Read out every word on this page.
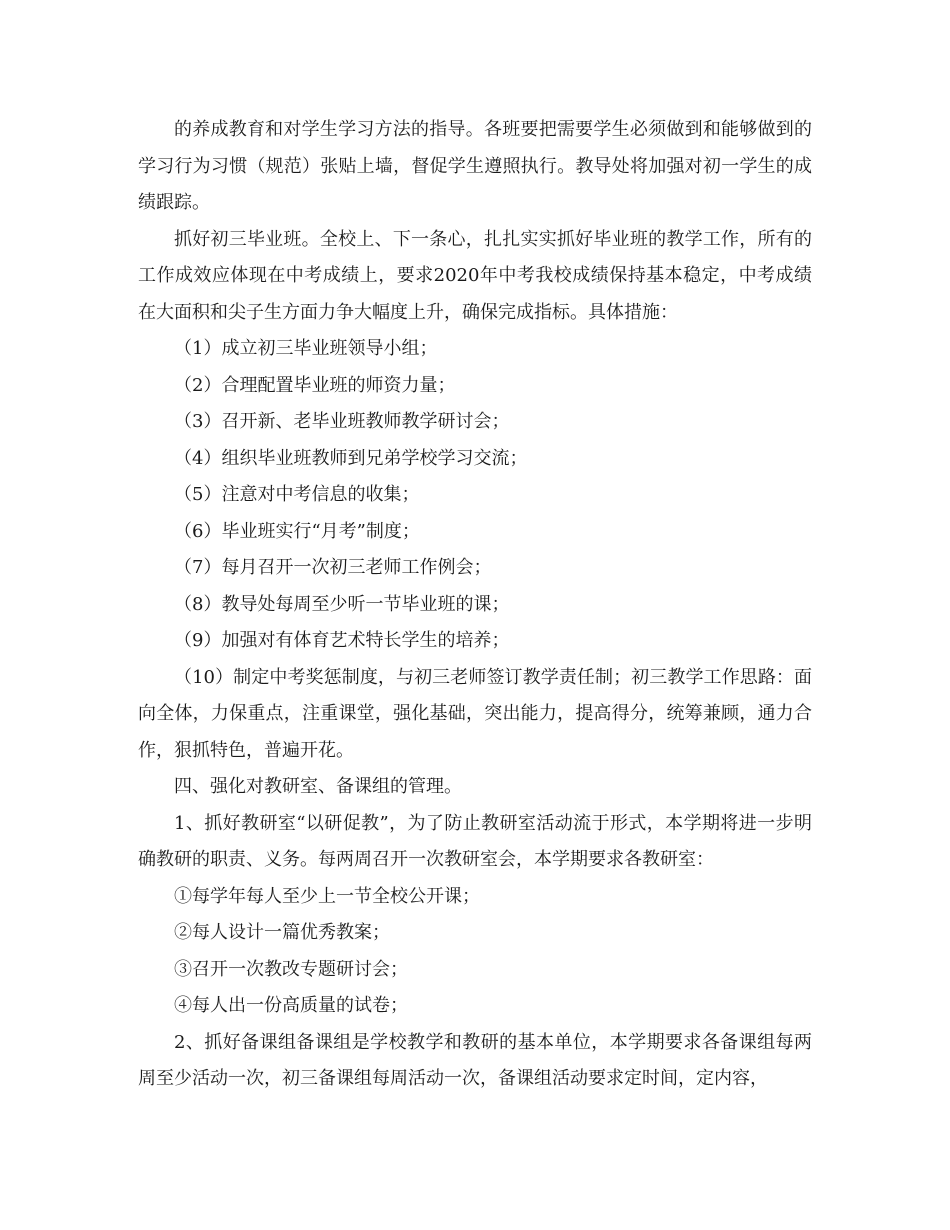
的养成教育和对学生学习方法的指导。各班要把需要学生必须做到和能够做到的学习行为习惯（规范）张贴上墙，督促学生遵照执行。教导处将加强对初一学生的成绩跟踪。

抓好初三毕业班。全校上、下一条心，扎扎实实抓好毕业班的教学工作，所有的工作成效应体现在中考成绩上，要求2020年中考我校成绩保持基本稳定，中考成绩在大面积和尖子生方面力争大幅度上升，确保完成指标。具体措施：

（1）成立初三毕业班领导小组；

（2）合理配置毕业班的师资力量；

（3）召开新、老毕业班教师教学研讨会；

（4）组织毕业班教师到兄弟学校学习交流；

（5）注意对中考信息的收集；

（6）毕业班实行“月考”制度；

（7）每月召开一次初三老师工作例会；

（8）教导处每周至少听一节毕业班的课；

（9）加强对有体育艺术特长学生的培养；

（10）制定中考奖惩制度，与初三老师签订教学责任制；初三教学工作思路：面向全体，力保重点，注重课堂，强化基础，突出能力，提高得分，统筹兼顾，通力合作，狠抓特色，普遍开花。

四、强化对教研室、备课组的管理。

1、抓好教研室“以研促教”，为了防止教研室活动流于形式，本学期将进一步明确教研的职责、义务。每两周召开一次教研室会，本学期要求各教研室：

①每学年每人至少上一节全校公开课；

②每人设计一篇优秀教案；

③召开一次教改专题研讨会；

④每人出一份高质量的试卷；

2、抓好备课组备课组是学校教学和教研的基本单位，本学期要求各备课组每两周至少活动一次，初三备课组每周活动一次，备课组活动要求定时间，定内容，
